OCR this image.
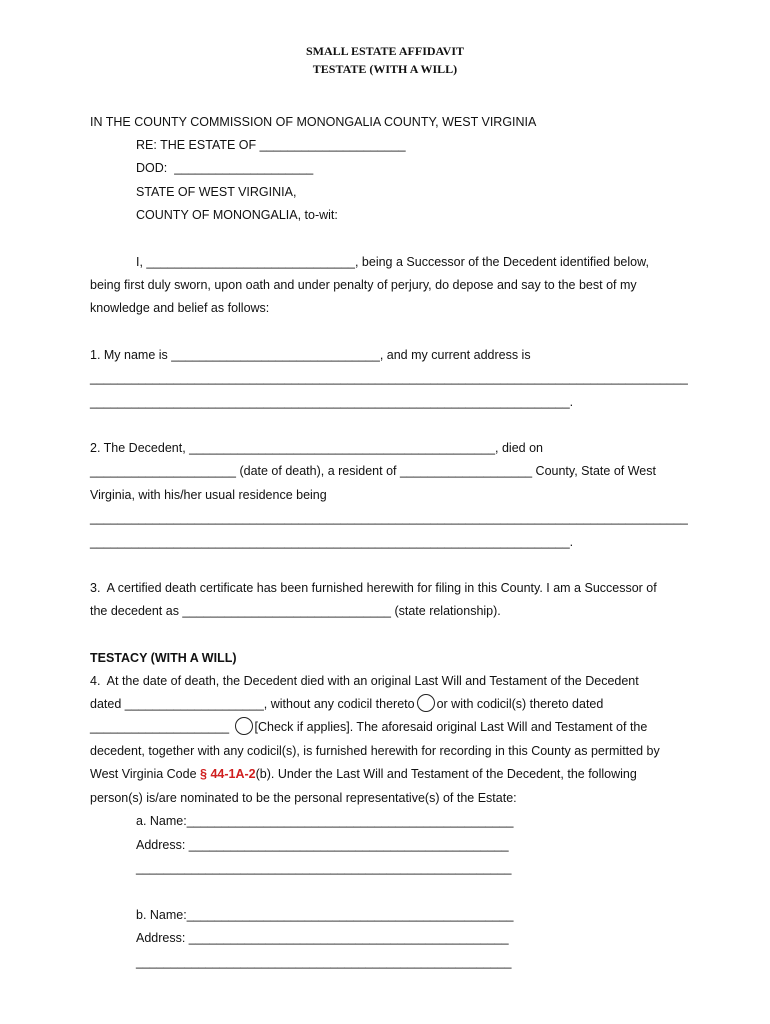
SMALL ESTATE AFFIDAVIT
TESTATE (WITH A WILL)
IN THE COUNTY COMMISSION OF MONONGALIA COUNTY, WEST VIRGINIA
RE: THE ESTATE OF _____________________
DOD:  ____________________
STATE OF WEST VIRGINIA,
COUNTY OF MONONGALIA, to-wit:
I, ______________________________, being a Successor of the Decedent identified below,
being first duly sworn, upon oath and under penalty of perjury, do depose and say to the best of my
knowledge and belief as follows:
1. My name is ______________________________, and my current address is
______________________________________________________________________________________
_____________________________________________________________________.
2. The Decedent, ____________________________________________, died on
_____________________ (date of death), a resident of ___________________ County, State of West
Virginia, with his/her usual residence being
______________________________________________________________________________________
_____________________________________________________________________.
3.  A certified death certificate has been furnished herewith for filing in this County. I am a Successor of
the decedent as ______________________________ (state relationship).
TESTACY (WITH A WILL)
4.  At the date of death, the Decedent died with an original Last Will and Testament of the Decedent
dated ____________________, without any codicil thereto or with codicil(s) thereto dated
____________________ [Check if applies]. The aforesaid original Last Will and Testament of the
decedent, together with any codicil(s), is furnished herewith for recording in this County as permitted by
West Virginia Code § 44-1A-2(b). Under the Last Will and Testament of the Decedent, the following
person(s) is/are nominated to be the personal representative(s) of the Estate:
a. Name:_______________________________________________
Address: ______________________________________________
______________________________________________________
b. Name:_______________________________________________
Address: ______________________________________________
______________________________________________________
